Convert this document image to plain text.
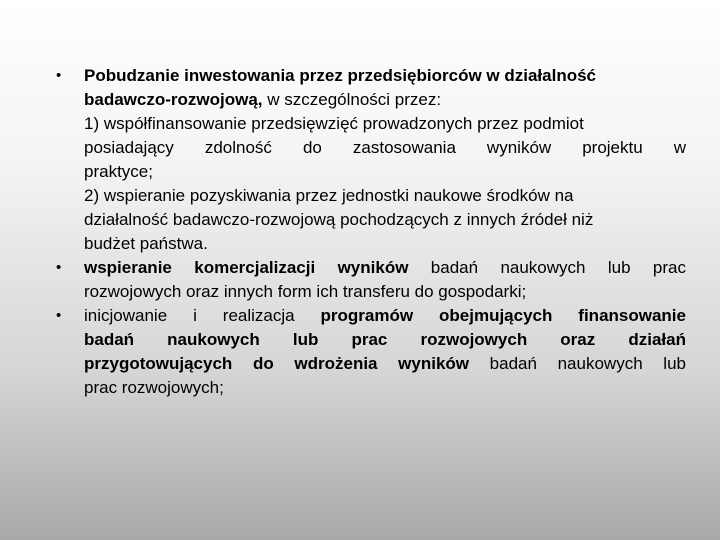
• Pobudzanie inwestowania przez przedsiębiorców w działalność
badawczo-rozwojową, w szczególności przez:
1) współfinansowanie przedsięwzięć prowadzonych przez podmiot
posiadający zdolność do zastosowania wyników projektu w
praktyce;
2) wspieranie pozyskiwania przez jednostki naukowe środków na
działalność badawczo-rozwojową pochodzących z innych źródeł niż
budżet państwa.
• wspieranie komercjalizacji wyników badań naukowych lub prac
rozwojowych oraz innych form ich transferu do gospodarki;
• inicjowanie i realizacja programów obejmujących finansowanie
badań naukowych lub prac rozwojowych oraz działań
przygotowujących do wdrożenia wyników badań naukowych lub
prac rozwojowych;
